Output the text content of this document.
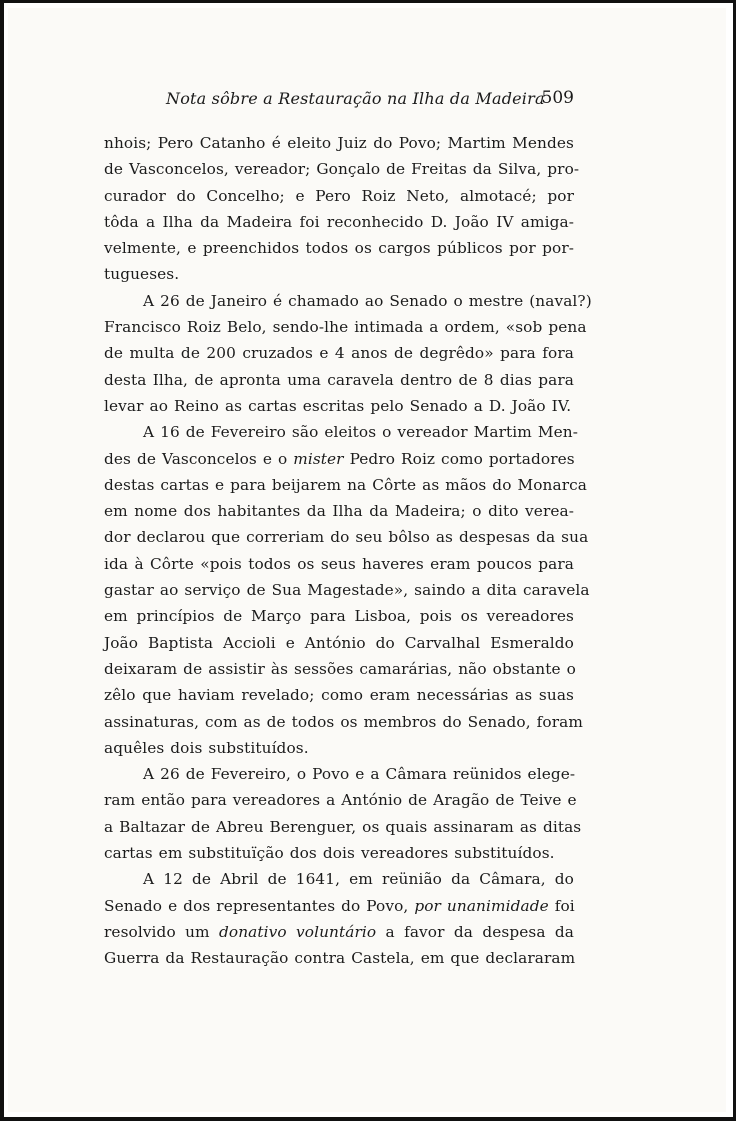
Nota sôbre a Restauração na Ilha da Madeira
509

nhois; Pero Catanho é eleito Juiz do Povo; Martim Mendes
de Vasconcelos, vereador; Gonçalo de Freitas da Silva, pro-
curador do Concelho; e Pero Roiz Neto, almotacé; por
tôda a Ilha da Madeira foi reconhecido D. João IV amiga-
velmente, e preenchidos todos os cargos públicos por por-
tugueses.

A 26 de Janeiro é chamado ao Senado o mestre (naval?)
Francisco Roiz Belo, sendo-lhe intimada a ordem, «sob pena
de multa de 200 cruzados e 4 anos de degrêdo» para fora
desta Ilha, de apronta uma caravela dentro de 8 dias para
levar ao Reino as cartas escritas pelo Senado a D. João IV.

A 16 de Fevereiro são eleitos o vereador Martim Men-
des de Vasconcelos e o mister Pedro Roiz como portadores
destas cartas e para beijarem na Côrte as mãos do Monarca
em nome dos habitantes da Ilha da Madeira; o dito verea-
dor declarou que correriam do seu bôlso as despesas da sua
ida à Côrte «pois todos os seus haveres eram poucos para
gastar ao serviço de Sua Magestade», saindo a dita caravela
em princípios de Março para Lisboa, pois os vereadores
João Baptista Accioli e António do Carvalhal Esmeraldo
deixaram de assistir às sessões camarárias, não obstante o
zêlo que haviam revelado; como eram necessárias as suas
assinaturas, com as de todos os membros do Senado, foram
aquêles dois substituídos.

A 26 de Fevereiro, o Povo e a Câmara reünidos elege-
ram então para vereadores a António de Aragão de Teive e
a Baltazar de Abreu Berenguer, os quais assinaram as ditas
cartas em substituïção dos dois vereadores substituídos.

A 12 de Abril de 1641, em reünião da Câmara, do
Senado e dos representantes do Povo, por unanimidade foi
resolvido um donativo voluntário a favor da despesa da
Guerra da Restauração contra Castela, em que declararam
